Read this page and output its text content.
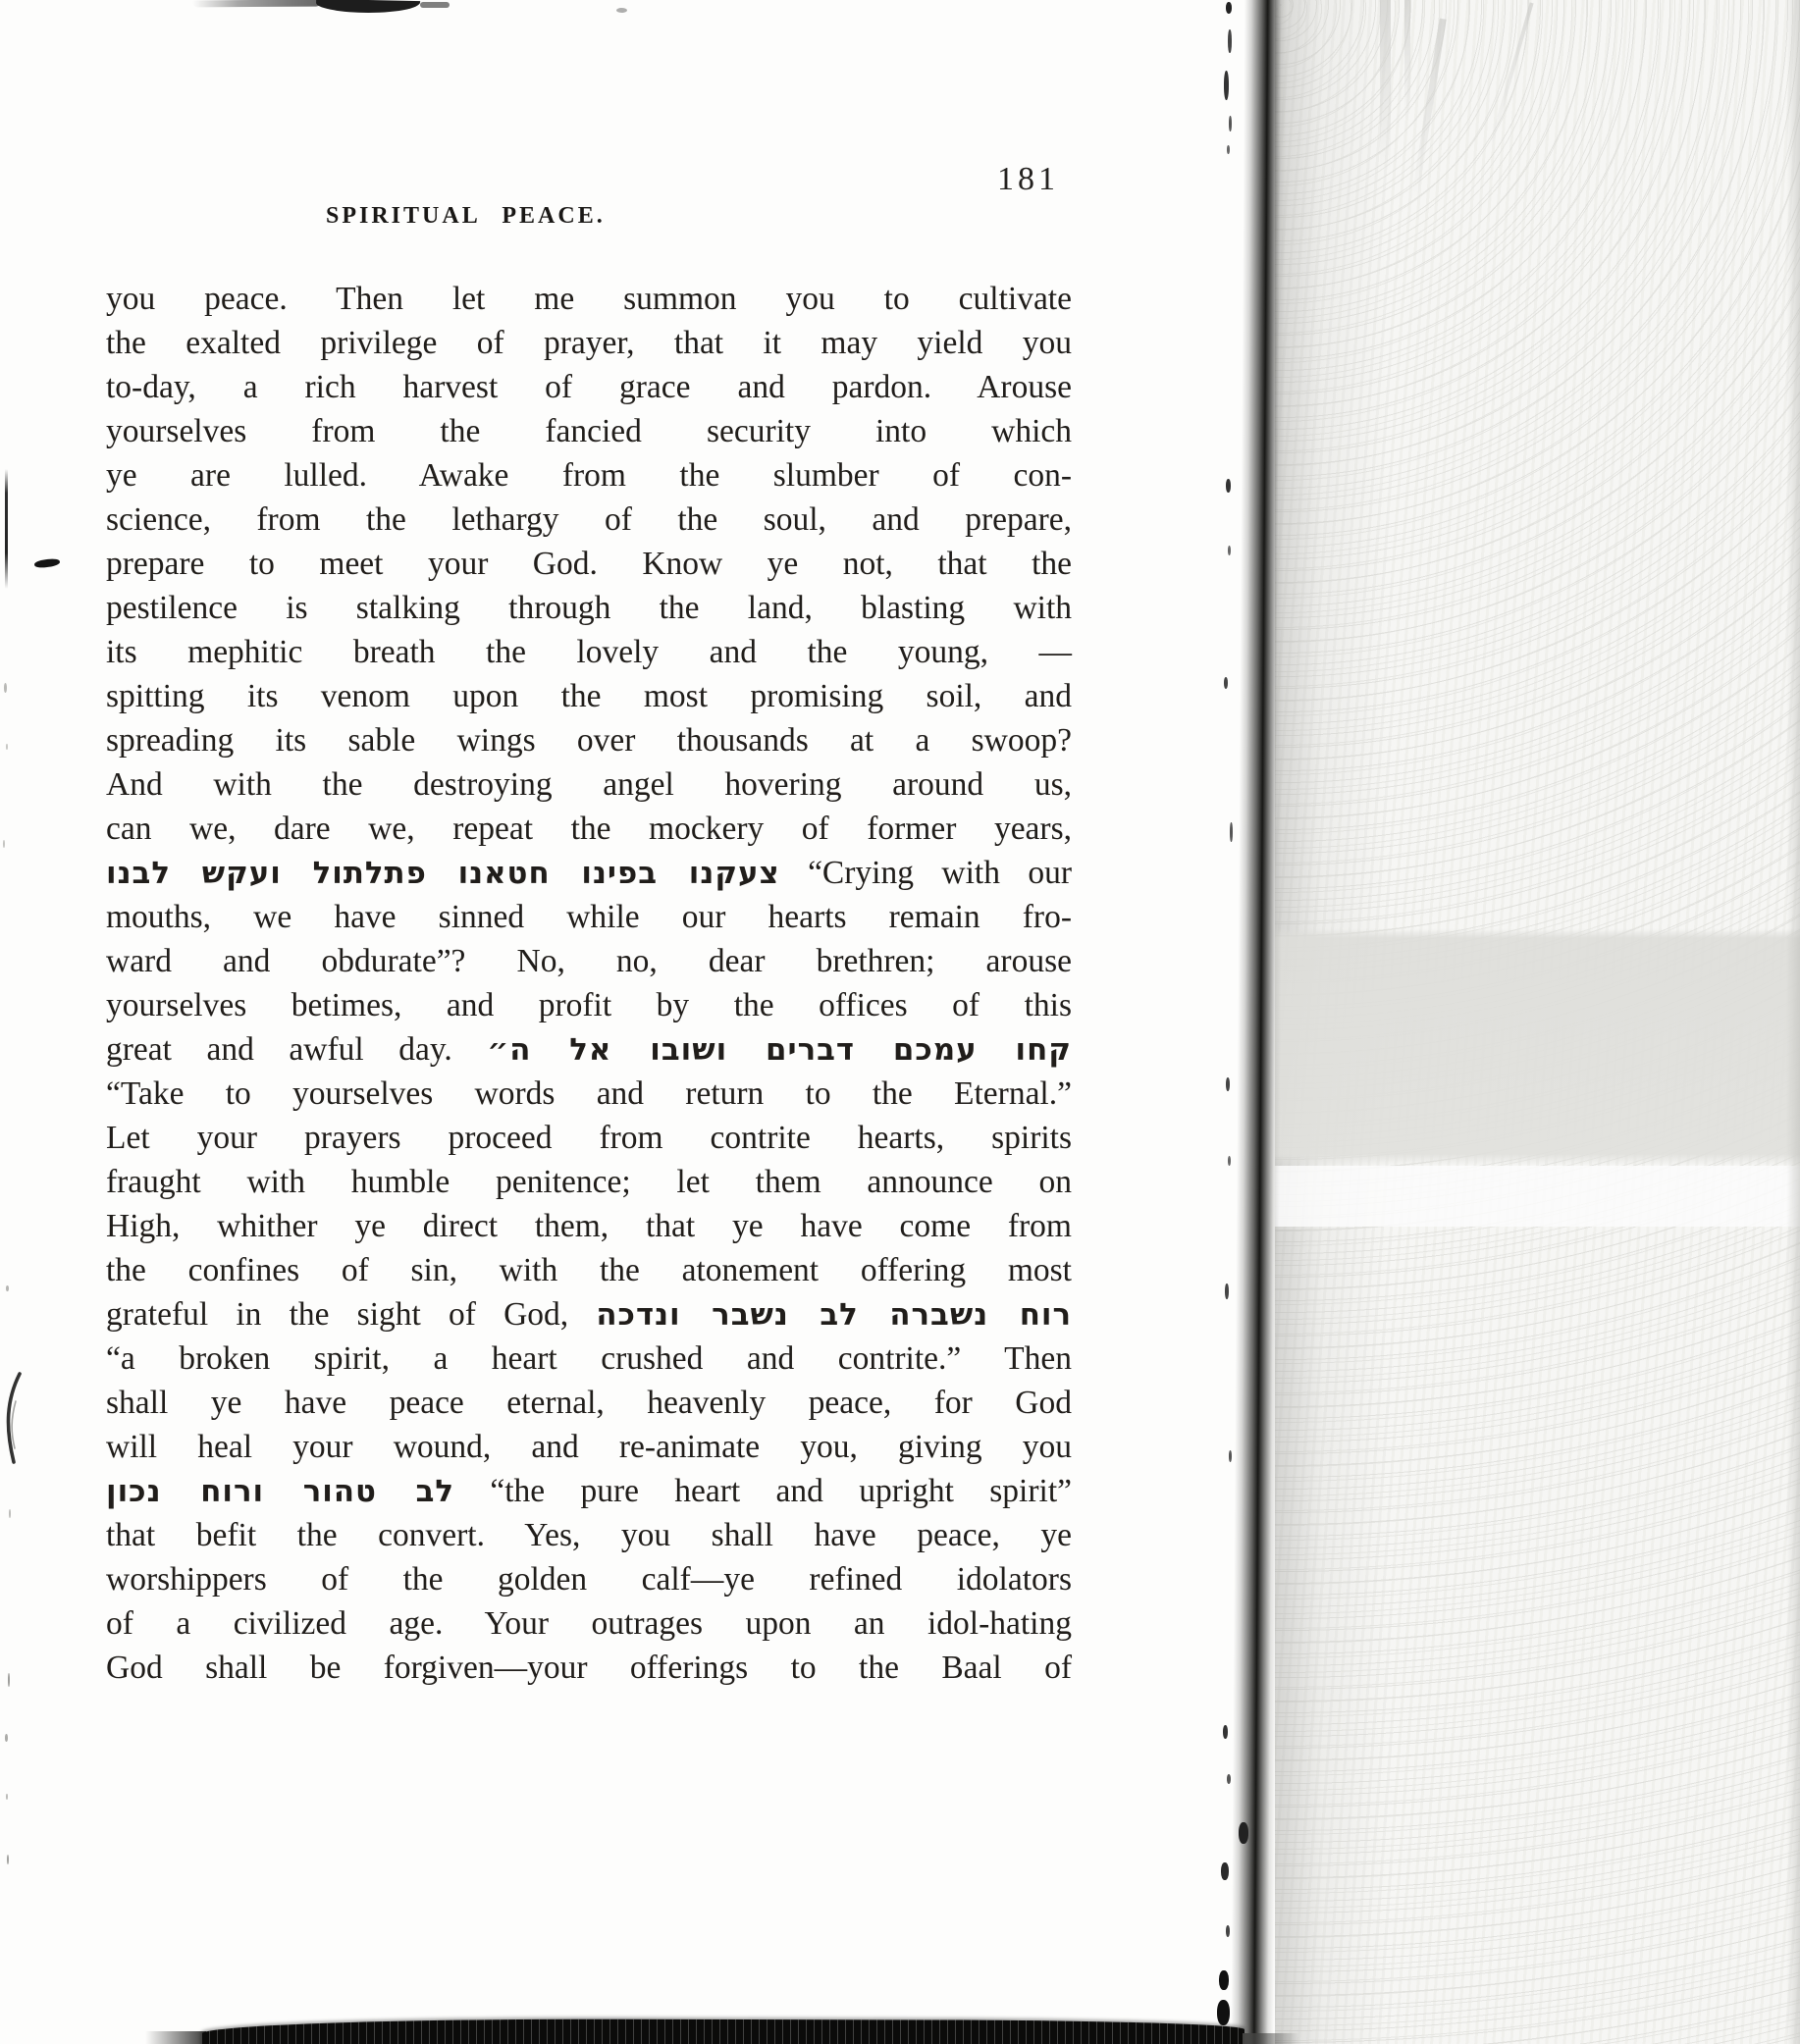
SPIRITUAL PEACE.
181
you peace. Then let me summon you to cultivate
the exalted privilege of prayer, that it may yield you
to-day, a rich harvest of grace and pardon. Arouse
yourselves from the fancied security into which
ye are lulled. Awake from the slumber of con-
science, from the lethargy of the soul, and prepare,
prepare to meet your God. Know ye not, that the
pestilence is stalking through the land, blasting with
its mephitic breath the lovely and the young, —
spitting its venom upon the most promising soil, and
spreading its sable wings over thousands at a swoop?
And with the destroying angel hovering around us,
can we, dare we, repeat the mockery of former years,
צעקנו בפינו חטאנו פתלתול ועקש לבנו “Crying with our
mouths, we have sinned while our hearts remain fro-
ward and obdurate”? No, no, dear brethren; arouse
yourselves betimes, and profit by the offices of this
great and awful day. קחו עמכם דברים ושובו אל ה״
“Take to yourselves words and return to the Eternal.”
Let your prayers proceed from contrite hearts, spirits
fraught with humble penitence; let them announce on
High, whither ye direct them, that ye have come from
the confines of sin, with the atonement offering most
grateful in the sight of God, רוח נשברה לב נשבר ונדכה
“a broken spirit, a heart crushed and contrite.” Then
shall ye have peace eternal, heavenly peace, for God
will heal your wound, and re-animate you, giving you
לב טהור ורוח נכון “the pure heart and upright spirit”
that befit the convert. Yes, you shall have peace, ye
worshippers of the golden calf—ye refined idolators
of a civilized age. Your outrages upon an idol-hating
God shall be forgiven—your offerings to the Baal of
